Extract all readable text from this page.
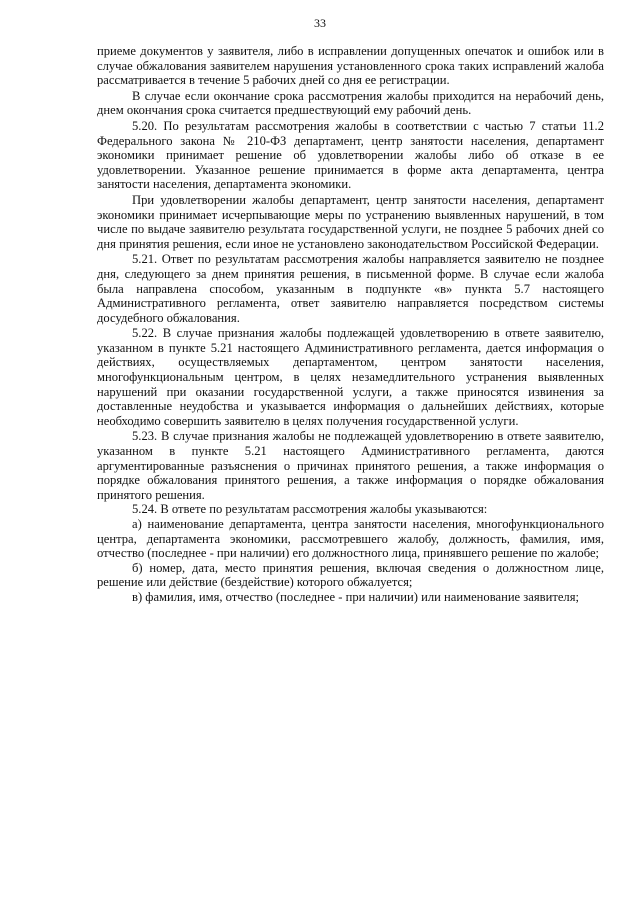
33

приеме документов у заявителя, либо в исправлении допущенных опечаток и ошибок или в случае обжалования заявителем нарушения установленного срока таких исправлений жалоба рассматривается в течение 5 рабочих дней со дня ее регистрации.

В случае если окончание срока рассмотрения жалобы приходится на нерабочий день, днем окончания срока считается предшествующий ему рабочий день.

5.20. По результатам рассмотрения жалобы в соответствии с частью 7 статьи 11.2 Федерального закона № 210-ФЗ департамент, центр занятости населения, департамент экономики принимает решение об удовлетворении жалобы либо об отказе в ее удовлетворении. Указанное решение принимается в форме акта департамента, центра занятости населения, департамента экономики.

При удовлетворении жалобы департамент, центр занятости населения, департамент экономики принимает исчерпывающие меры по устранению выявленных нарушений, в том числе по выдаче заявителю результата государственной услуги, не позднее 5 рабочих дней со дня принятия решения, если иное не установлено законодательством Российской Федерации.

5.21. Ответ по результатам рассмотрения жалобы направляется заявителю не позднее дня, следующего за днем принятия решения, в письменной форме. В случае если жалоба была направлена способом, указанным в подпункте «в» пункта 5.7 настоящего Административного регламента, ответ заявителю направляется посредством системы досудебного обжалования.

5.22. В случае признания жалобы подлежащей удовлетворению в ответе заявителю, указанном в пункте 5.21 настоящего Административного регламента, дается информация о действиях, осуществляемых департаментом, центром занятости населения, многофункциональным центром, в целях незамедлительного устранения выявленных нарушений при оказании государственной услуги, а также приносятся извинения за доставленные неудобства и указывается информация о дальнейших действиях, которые необходимо совершить заявителю в целях получения государственной услуги.

5.23. В случае признания жалобы не подлежащей удовлетворению в ответе заявителю, указанном в пункте 5.21 настоящего Административного регламента, даются аргументированные разъяснения о причинах принятого решения, а также информация о порядке обжалования принятого решения, а также информация о порядке обжалования принятого решения.

5.24. В ответе по результатам рассмотрения жалобы указываются:

а) наименование департамента, центра занятости населения, многофункционального центра, департамента экономики, рассмотревшего жалобу, должность, фамилия, имя, отчество (последнее - при наличии) его должностного лица, принявшего решение по жалобе;

б) номер, дата, место принятия решения, включая сведения о должностном лице, решение или действие (бездействие) которого обжалуется;

в) фамилия, имя, отчество (последнее - при наличии) или наименование заявителя;
